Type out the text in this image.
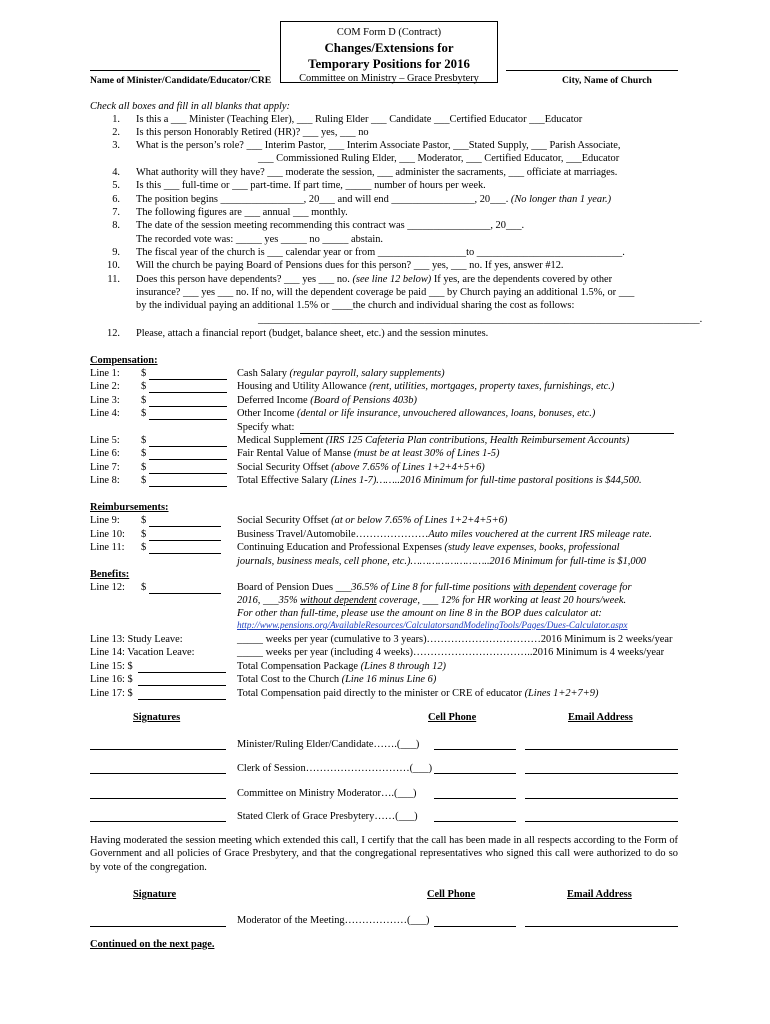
COM Form D (Contract)
Changes/Extensions for
Temporary Positions for 2016
Committee on Ministry – Grace Presbytery
Name of Minister/Candidate/Educator/CRE	City, Name of Church
Check all boxes and fill in all blanks that apply:
1. Is this a ___ Minister (Teaching Eler), ___ Ruling Elder ___ Candidate ___Certified Educator ___Educator
2. Is this person Honorably Retired (HR)? ___ yes, ___ no
3. What is the person’s role? ___ Interim Pastor, ___ Interim Associate Pastor, ___Stated Supply, ___ Parish Associate,
___ Commissioned Ruling Elder, ___ Moderator, ___ Certified Educator, ___Educator
4. What authority will they have? ___ moderate the session, ___ administer the sacraments, ___ officiate at marriages.
5. Is this ___ full-time or ___ part-time. If part time, _____ number of hours per week.
6. The position begins ________________, 20___ and will end ________________, 20___. (No longer than 1 year.)
7. The following figures are ___ annual ___ monthly.
8. The date of the session meeting recommending this contract was ________________, 20___.
The recorded vote was: _____ yes _____ no _____ abstain.
9. The fiscal year of the church is ___ calendar year or from _________________to ____________________________.
10. Will the church be paying Board of Pensions dues for this person? ___ yes, ___ no. If yes, answer #12.
11. Does this person have dependents? ___ yes ___ no. (see line 12 below) If yes, are the dependents covered by other
insurance? ___ yes ___ no. If no, will the dependent coverage be paid ___ by Church paying an additional 1.5%, or ___
by the individual paying an additional 1.5% or ____the church and individual sharing the cost as follows:
_____________________________________________________________________________________.
12. Please, attach a financial report (budget, balance sheet, etc.) and the session minutes.
Compensation:
Line 1: $	Cash Salary (regular payroll, salary supplements)
Line 2: $	Housing and Utility Allowance (rent, utilities, mortgages, property taxes, furnishings, etc.)
Line 3: $	Deferred Income (Board of Pensions 403b)
Line 4: $	Other Income (dental or life insurance, unvouchered allowances, loans, bonuses, etc.)
Specify what:
Line 5: $	Medical Supplement (IRS 125 Cafeteria Plan contributions, Health Reimbursement Accounts)
Line 6: $	Fair Rental Value of Manse (must be at least 30% of Lines 1-5)
Line 7: $	Social Security Offset (above 7.65% of Lines 1+2+4+5+6)
Line 8: $	Total Effective Salary (Lines 1-7)……..2016 Minimum for full-time pastoral positions is $44,500.
Reimbursements:
Line 9: $	Social Security Offset (at or below 7.65% of Lines 1+2+4+5+6)
Line 10: $	Business Travel/Automobile…………………Auto miles vouchered at the current IRS mileage rate.
Line 11: $	Continuing Education and Professional Expenses (study leave expenses, books, professional
journals, business meals, cell phone, etc.)……………………..2016 Minimum for full-time is $1,000
Benefits:
Line 12: $	Board of Pension Dues ___36.5% of Line 8 for full-time positions with dependent coverage for
2016, ___35% without dependent coverage, ___ 12% for HR working at least 20 hours/week.
For other than full-time, please use the amount on line 8 in the BOP dues calculator at:
http://www.pensions.org/AvailableResources/CalculatorsandModelingTools/Pages/Dues-Calculator.aspx
Line 13: Study Leave:	_____ weeks per year (cumulative to 3 years)……………………………2016 Minimum is 2 weeks/year
Line 14: Vacation Leave:	_____ weeks per year (including 4 weeks)……………………………..2016 Minimum is 4 weeks/year
Line 15: $	Total Compensation Package (Lines 8 through 12)
Line 16: $	Total Cost to the Church (Line 16 minus Line 6)
Line 17: $	Total Compensation paid directly to the minister or CRE of educator (Lines 1+2+7+9)
Signatures	Cell Phone	Email Address
Minister/Ruling Elder/Candidate…….(___)
Clerk of Session…………………………(___)
Committee on Ministry Moderator….(___)
Stated Clerk of Grace Presbytery……(___)
Having moderated the session meeting which extended this call, I certify that the call has been made in all respects according to the Form of Government and all policies of Grace Presbytery, and that the congregational representatives who signed this call were authorized to do so by vote of the congregation.
Signature	Cell Phone	Email Address
Moderator of the Meeting………………(___)
Continued on the next page.
